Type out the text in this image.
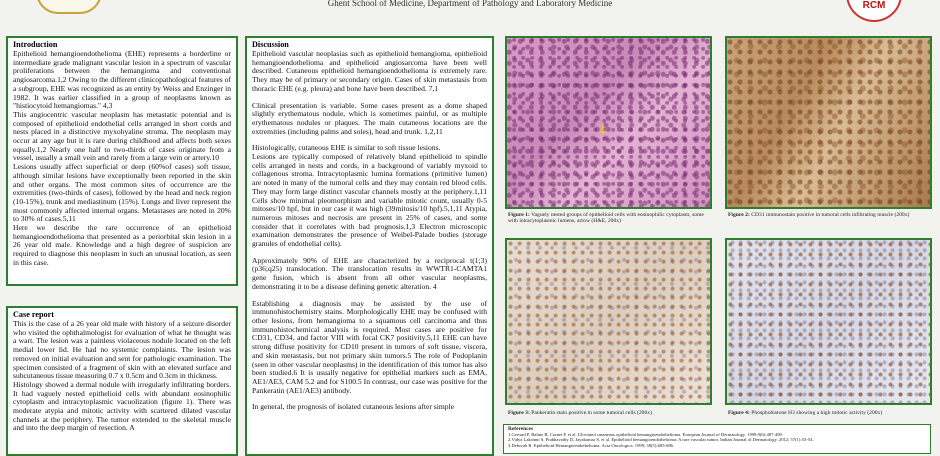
Ghent School of Medicine, Department of Pathology and Laboratory Medicine	RCM
Introduction

Epithelioid hemangioendothelioma (EHE) represents a borderline or intermediate grade malignant vascular lesion in a spectrum of vascular proliferations between the hemangioma and conventional angiosarcoma.1,2 Owing to the different clinicopathological features of a subgroup, EHE was recognized as an entity by Weiss and Enzinger in 1982. It was earlier classified in a group of neoplasms known as "histiocytoid hemangiomas." 4,3

This angiocentric vascular neoplasm has metastatic potential and is composed of epithelioid endothelial cells arranged in short cords and nests placed in a distinctive myxohyaline stroma. The neoplasm may occur at any age but it is rare during childhood and affects both sexes equally.1,2 Nearly one half to two-thirds of cases originate from a vessel, usually a small vein and rarely from a large vein or artery.10

Lesions usually affect superficial or deep (60%of cases) soft tissue, although similar lesions have exceptionally been reported in the skin and other organs. The most common sites of occurrence are the extremities (two-thirds of cases), followed by the head and neck region (10-15%), trunk and mediastinum (15%). Lungs and liver represent the most commonly affected internal organs. Metastases are noted in 20% to 30% of cases.5,11

Here we describe the rare occurrence of an epithelioid hemangioendothelioma that presented as a periorbital skin lesion in a 26 year old male. Knowledge and a high degree of suspicion are required to diagnose this neoplasm in such an unusual location, as seen in this case.

Case report

This is the case of a 26 year old male with history of a seizure disorder who visited the ophthalmologist for evaluation of what he thought was a wart. The lesion was a painless violaceous nodule located on the left medial lower lid. He had no systemic complaints. The lesion was removed on initial evaluation and sent for pathologic examination. The specimen consisted of a fragment of skin with an elevated surface and subcutaneous tissue measuring 0.7 x 0.5cm and 0.3cm in thickness.

Histology showed a dermal nodule with irregularly infiltrating borders. It had vaguely nested epithelioid cells with abundant eosinophilic cytoplasm and intracytoplasmic vacuolization (figure 1). There was moderate atypia and mitotic activity with scattered dilated vascular channels at the periphery. The tumor extended to the skeletal muscle and into the deep margin of resection. A

Discussion

Epithelioid vascular neoplasias such as epithelioid hemangioma, epithelioid hemangioendothelioma and epithelioid angiosarcoma have been well described. Cutaneous epithelioid hemangioendothelioma is extremely rare. They may be of primary or secondary origin. Cases of skin metastasis from thoracic EHE (e.g. pleura) and bone have been described. 7,1

Clinical presentation is variable. Some cases present as a dome shaped slightly erythematous nodule, which is sometimes painful, or as multiple erythematous nodules or plaques. The main cutaneous locations are the extremities (including palms and soles), head and trunk. 1,2,11

Histologically, cutaneous EHE is similar to soft tissue lesions.

Lesions are typically composed of relatively bland epithelioid to spindle cells arranged in nests and cords, in a background of variably myxoid to collagenous stroma. Intracytoplasmic lumina formations (primitive lumen) are noted in many of the tumoral cells and they may contain red blood cells. They may form large distinct vascular channels mostly at the periphery.1,11 Cells show minimal pleomorphism and variable mitotic count, usually 0-5 mitoses/10 hpf, but in our case it was high (39mitosis/10 hpf).5,1,11 Atypia, numerous mitoses and necrosis are present in 25% of cases, and some consider that it correlates with bad prognosis.1,3 Electron microscopic examination demonstrates the presence of Weibel-Palade bodies (storage granules of endothelial cells).

Approximately 90% of EHE are characterized by a reciprocal t(1;3)(p36;q25) translocation. The translocation results in WWTR1-CAMTA1 gene fusion, which is absent from all other vascular neoplasms, demonstrating it to be a disease defining genetic alteration. 4

Establishing a diagnosis may be assisted by the use of immunohistochemistry stains. Morphologically EHE may be confused with other lesions, from hemangioma to a squamous cell carcinoma and thus immunohistochemical analysis is required. Most cases are positive for CD31, CD34, and factor VIII with focal CK7 positivity.5,11 EHE can have strong diffuse positivity for CD10 present in tumors of soft tissue, viscera, and skin metastasis, but not primary skin tumors.5 The role of Podoplanin (seen in other vascular neoplasms) in the identification of this tumor has also been studied.6 It is usually negative for epithelial markers such as EMA, AE1/AE3, CAM 5.2 and for S100.5 In contrast, our case was positive for the Pankeratin (AE1/AE3) antibody.

In general, the prognosis of isolated cutaneous lesions after simple

↓
Figure 1: Vaguely nested groups of epithelioid cells with eosinophilic cytoplasm, some with intracytoplasmic lumens, arrow (H&E, 200x)
Figure 2: CD31 immunostain positive in tumoral cells infiltrating muscle (200x)
Figure 3: Pankeratin stain positive in some tumoral cells (200x)	Figure 4: Phosphohistone H3 showing a high mitotic activity (200x)
References
1.Gerrard P, Balme B, Cornet P, et al. Ulcerated cutaneous epithelioid hemangioendothelioma. European Journal of Dermatology. 1999;9(6):487-490.
2.Vidya Lakshmi S, Prabhavathy D, Jayakumar S, et al. Epithelioid hemangioendothelioma: A rare vascular tumor. Indian Journal of Dermatology. 2012; 57(1):53-54.
3.Deborah R. Epithelioid Hemangioendothelioma. Acta Oncologica. 1999; 38(5):685-686.
